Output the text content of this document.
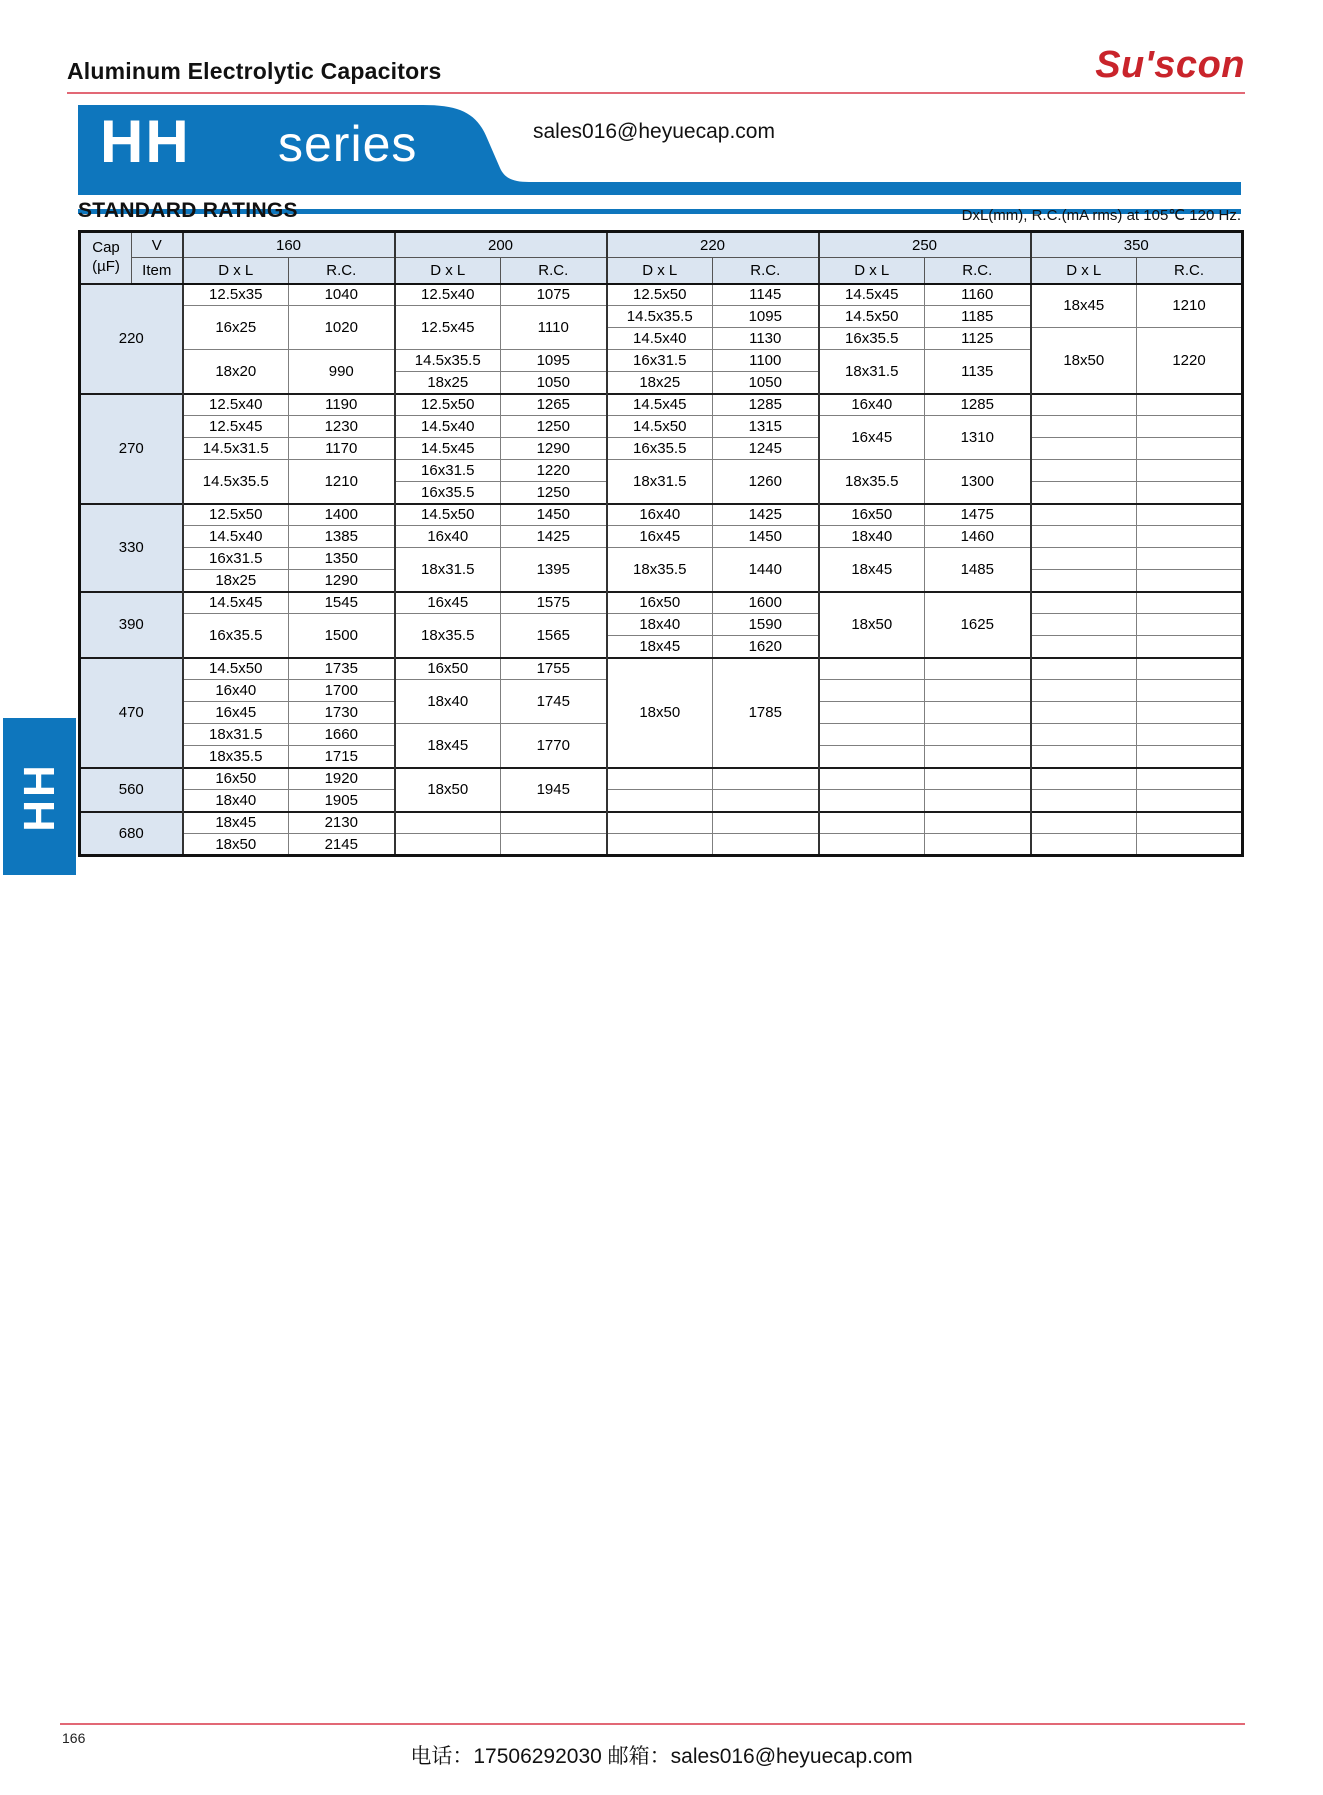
Aluminum Electrolytic Capacitors	Su'scon
HH series	sales016@heyuecap.com
STANDARD RATINGS	DxL(mm), R.C.(mA rms) at 105℃ 120 Hz.
Cap
(µF)	V	160		200		220		250		350	
	Item	D x L	R.C.	D x L	R.C.	D x L	R.C.	D x L	R.C.	D x L	R.C.
220		12.5x35	1040	12.5x40	1075	12.5x50	1145	14.5x45	1160	18x45	1210
		16x25	1020	12.5x45	1110	14.5x35.5	1095	14.5x50	1185		
						14.5x40	1130	16x35.5	1125	18x50	1220
		18x20	990	14.5x35.5	1095	16x31.5	1100	18x31.5	1135		
				18x25	1050	18x25	1050				
270		12.5x40	1190	12.5x50	1265	14.5x45	1285	16x40	1285		
		12.5x45	1230	14.5x40	1250	14.5x50	1315	16x45	1310		
		14.5x31.5	1170	14.5x45	1290	16x35.5	1245				
		14.5x35.5	1210	16x31.5	1220	18x31.5	1260	18x35.5	1300		
				16x35.5	1250						
330		12.5x50	1400	14.5x50	1450	16x40	1425	16x50	1475		
		14.5x40	1385	16x40	1425	16x45	1450	18x40	1460		
		16x31.5	1350	18x31.5	1395	18x35.5	1440	18x45	1485		
		18x25	1290								
390		14.5x45	1545	16x45	1575	16x50	1600	18x50	1625		
		16x35.5	1500	18x35.5	1565	18x40	1590				
						18x45	1620				
470		14.5x50	1735	16x50	1755	18x50	1785				
		16x40	1700	18x40	1745						
		16x45	1730								
		18x31.5	1660	18x45	1770						
		18x35.5	1715								
560		16x50	1920	18x50	1945						
		18x40	1905								
680		18x45	2130								
		18x50	2145								
HH
166
电话：17506292030 邮箱：sales016@heyuecap.com
